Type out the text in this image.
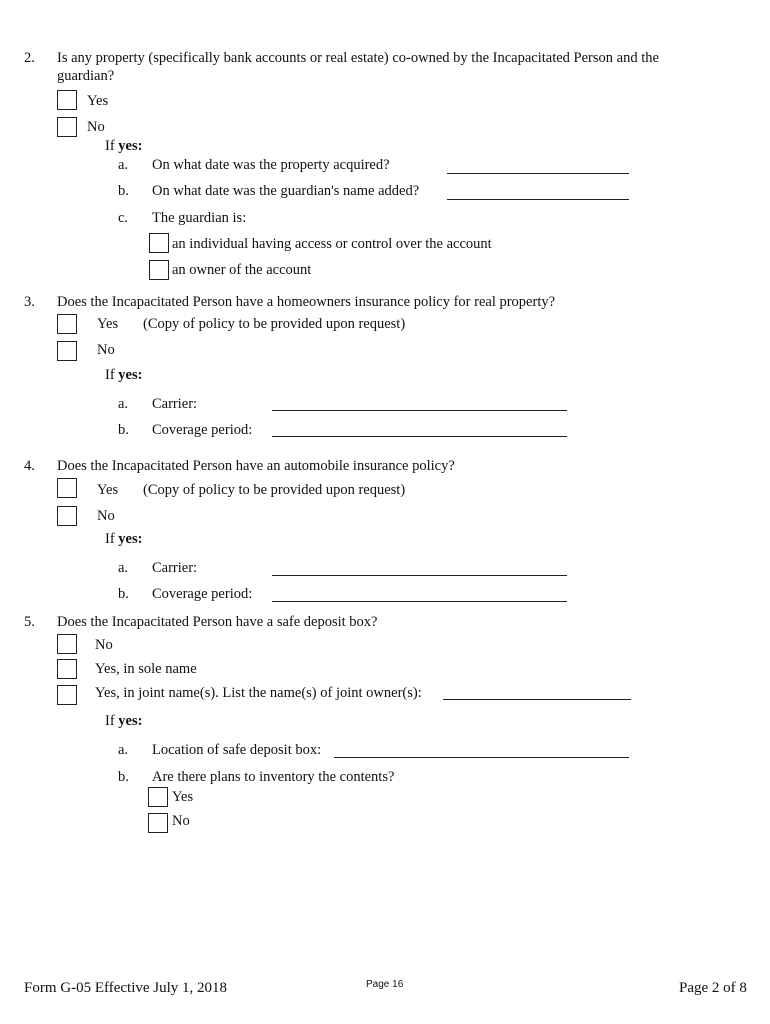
2. Is any property (specifically bank accounts or real estate) co-owned by the Incapacitated Person and the
guardian?
Yes
No
If yes:
a. On what date was the property acquired?
b. On what date was the guardian's name added?
c. The guardian is:
an individual having access or control over the account
an owner of the account
3. Does the Incapacitated Person have a homeowners insurance policy for real property?
Yes (Copy of policy to be provided upon request)
No
If yes:
a. Carrier:
b. Coverage period:
4. Does the Incapacitated Person have an automobile insurance policy?
Yes (Copy of policy to be provided upon request)
No
If yes:
a. Carrier:
b. Coverage period:
5. Does the Incapacitated Person have a safe deposit box?
No
Yes, in sole name
Yes, in joint name(s). List the name(s) of joint owner(s):
If yes:
a. Location of safe deposit box:
b. Are there plans to inventory the contents?
Yes
No
Form G-05 Effective July 1, 2018	Page 16	Page 2 of 8
